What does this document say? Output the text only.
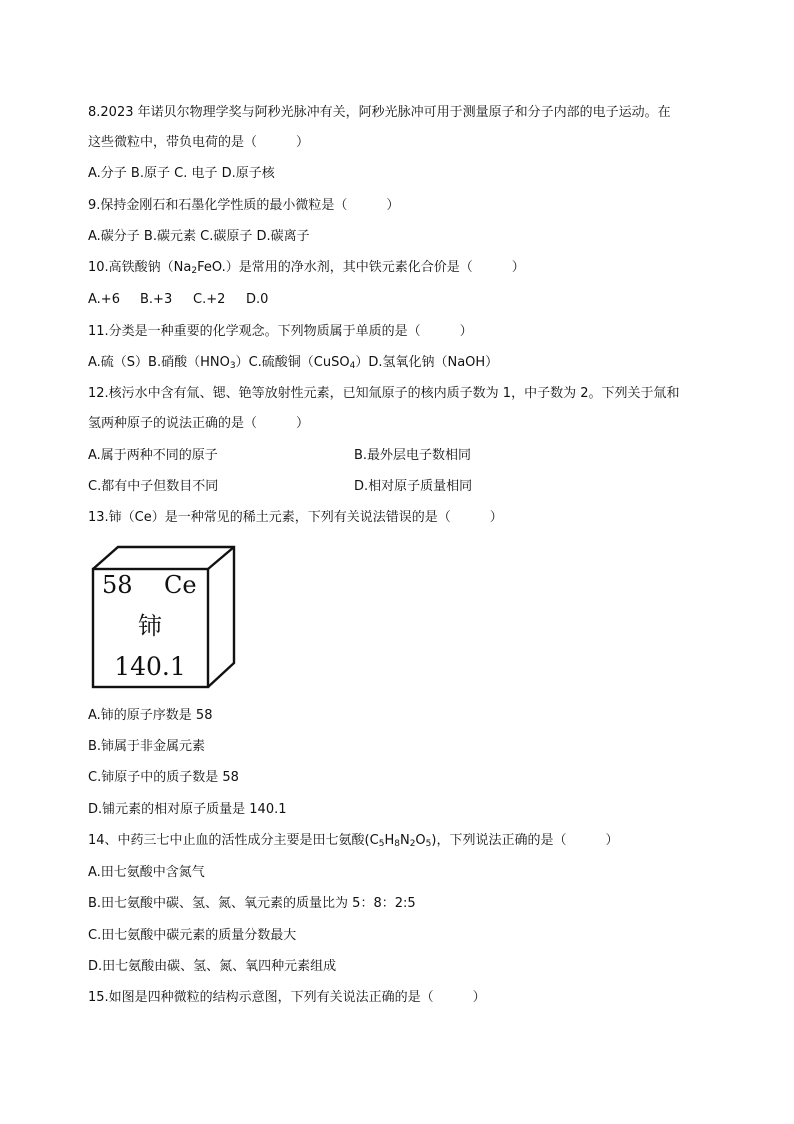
8.2023 年诺贝尔物理学奖与阿秒光脉冲有关，阿秒光脉冲可用于测量原子和分子内部的电子运动。在
这些微粒中，带负电荷的是（　　　）
A.分子 B.原子 C. 电子 D.原子核
9.保持金刚石和石墨化学性质的最小微粒是（　　　）
A.碳分子 B.碳元素 C.碳原子 D.碳离子
10.高铁酸钠$(Na_2FeO.)$是常用的净水剂，其中铁元素化合价是（　　　）
A.+6 B.+3 C.+2 D.0
11.分类是一种重要的化学观念。下列物质属于单质的是（　　　）
A.硫（S）B.硝酸$(HNO_3)C$.硫酸铜（CuSO$_4$）D.氢氧化钠（NaOH）
12.核污水中含有氚、锶、铯等放射性元素，已知氚原子的核内质子数为 1，中子数为 2。下列关于氚和
氢两种原子的说法正确的是（　　　）
A.属于两种不同的原子	B.最外层电子数相同
C.都有中子但数目不同	D.相对原子质量相同
13.铈（Ce）是一种常见的稀土元素，下列有关说法错误的是（　　　）
58 Ce
铈
140.1
A.铈的原子序数是 58
B.铈属于非金属元素
C.铈原子中的质子数是 58
D.铺元素的相对原子质量是 140.1
14、中药三七中止血的活性成分主要是田七氨酸$(C_5H_8N_2O_5)$，下列说法正确的是（　　　）
A.田七氨酸中含氮气
B.田七氨酸中碳、氢、氮、氧元素的质量比为 5：8：2:5
C.田七氨酸中碳元素的质量分数最大
D.田七氨酸由碳、氢、氮、氧四种元素组成
15.如图是四种微粒的结构示意图，下列有关说法正确的是（　　　）
